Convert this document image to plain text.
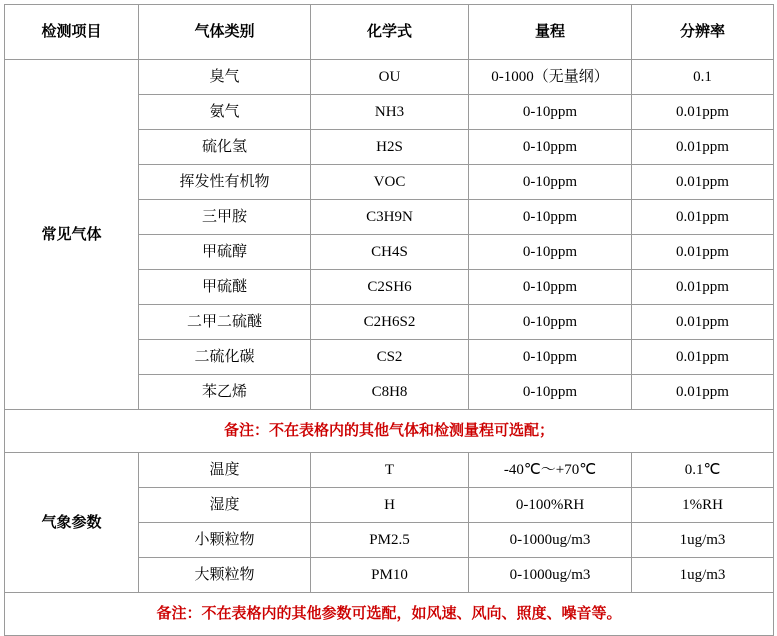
检测项目	气体类别	化学式	量程	分辨率
常见气体	臭气	OU	0-1000（无量纲）	0.1
	氨气	NH3	0-10ppm	0.01ppm
	硫化氢	H2S	0-10ppm	0.01ppm
	挥发性有机物	VOC	0-10ppm	0.01ppm
	三甲胺	C3H9N	0-10ppm	0.01ppm
	甲硫醇	CH4S	0-10ppm	0.01ppm
	甲硫醚	C2SH6	0-10ppm	0.01ppm
	二甲二硫醚	C2H6S2	0-10ppm	0.01ppm
	二硫化碳	CS2	0-10ppm	0.01ppm
	苯乙烯	C8H8	0-10ppm	0.01ppm
备注：不在表格内的其他气体和检测量程可选配；				
气象参数	温度	T	-40℃～+70℃	0.1℃
	湿度	H	0-100%RH	1%RH
	小颗粒物	PM2.5	0-1000ug/m3	1ug/m3
	大颗粒物	PM10	0-1000ug/m3	1ug/m3
备注：不在表格内的其他参数可选配，如风速、风向、照度、噪音等。				
